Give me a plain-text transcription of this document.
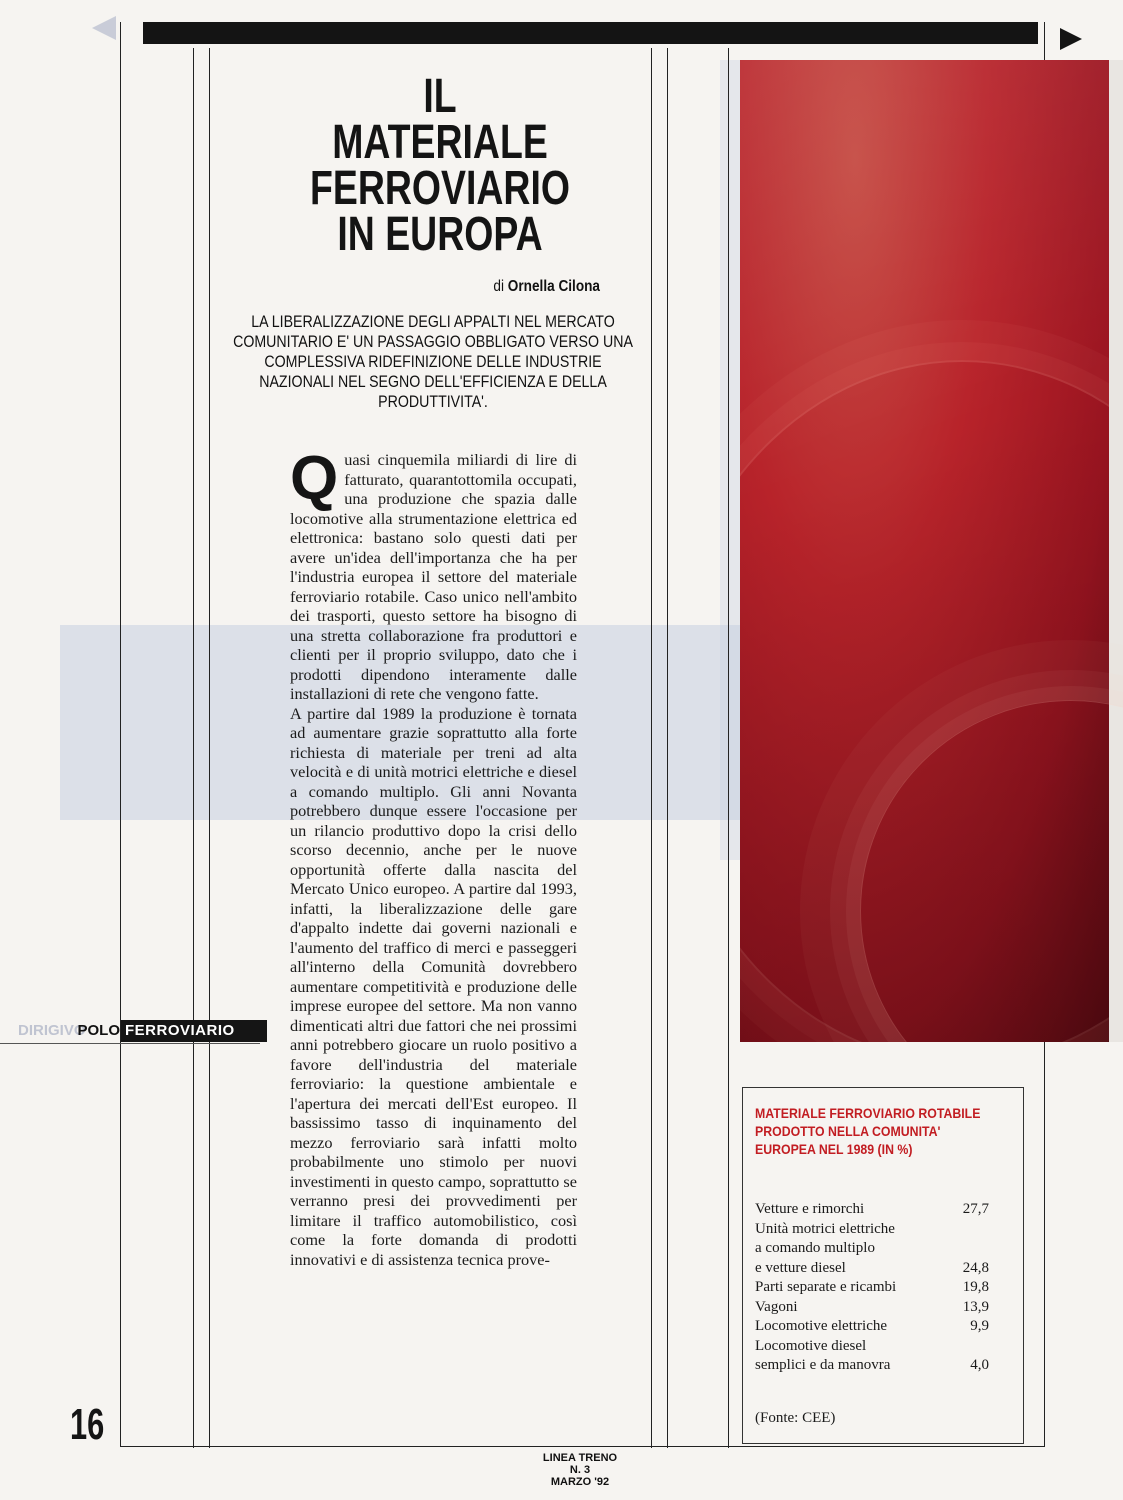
IL
MATERIALE
FERROVIARIO
IN EUROPA
di Ornella Cilona
LA LIBERALIZZAZIONE DEGLI APPALTI NEL MERCATO COMUNITARIO E' UN PASSAGGIO OBBLIGATO VERSO UNA COMPLESSIVA RIDEFINIZIONE DELLE INDUSTRIE NAZIONALI NEL SEGNO DELL'EFFICIENZA E DELLA PRODUTTIVITA'.

Quasi cinquemila miliardi di lire di fatturato, quarantottomila occupati, una produzione che spazia dalle locomotive alla strumentazione elettrica ed elettronica: bastano solo questi dati per avere un'idea dell'importanza che ha per l'industria europea il settore del materiale ferroviario rotabile. Caso unico nell'ambito dei trasporti, questo settore ha bisogno di una stretta collaborazione fra produttori e clienti per il proprio sviluppo, dato che i prodotti dipendono interamente dalle installazioni di rete che vengono fatte.

A partire dal 1989 la produzione è tornata ad aumentare grazie soprattutto alla forte richiesta di materiale per treni ad alta velocità e di unità motrici elettriche e diesel a comando multiplo. Gli anni Novanta potrebbero dunque essere l'occasione per un rilancio produttivo dopo la crisi dello scorso decennio, anche per le nuove opportunità offerte dalla nascita del Mercato Unico europeo. A partire dal 1993, infatti, la liberalizzazione delle gare d'appalto indette dai governi nazionali e l'aumento del traffico di merci e passeggeri all'interno della Comunità dovrebbero aumentare competitività e produzione delle imprese europee del settore. Ma non vanno dimenticati altri due fattori che nei prossimi anni potrebbero giocare un ruolo positivo a favore dell'industria del materiale ferroviario: la questione ambientale e l'apertura dei mercati dell'Est europeo. Il bassissimo tasso di inquinamento del mezzo ferroviario sarà infatti molto probabilmente uno stimolo per nuovi investimenti in questo campo, soprattutto se verranno presi dei provvedimenti per limitare il traffico automobilistico, così come la forte domanda di prodotti innovativi e di assistenza tecnica prove-

DIRIGIVO
POLO FERROVIARIO
16
LINEA TRENO
N. 3
MARZO '92
MATERIALE FERROVIARIO ROTABILE PRODOTTO NELLA COMUNITA' EUROPEA NEL 1989 (IN %)
Vetture e rimorchi	27,7
Unità motrici elettriche	
a comando multiplo	
e vetture diesel	24,8
Parti separate e ricambi	19,8
Vagoni	13,9
Locomotive elettriche	9,9
Locomotive diesel	
semplici e da manovra	4,0
(Fonte: CEE)
